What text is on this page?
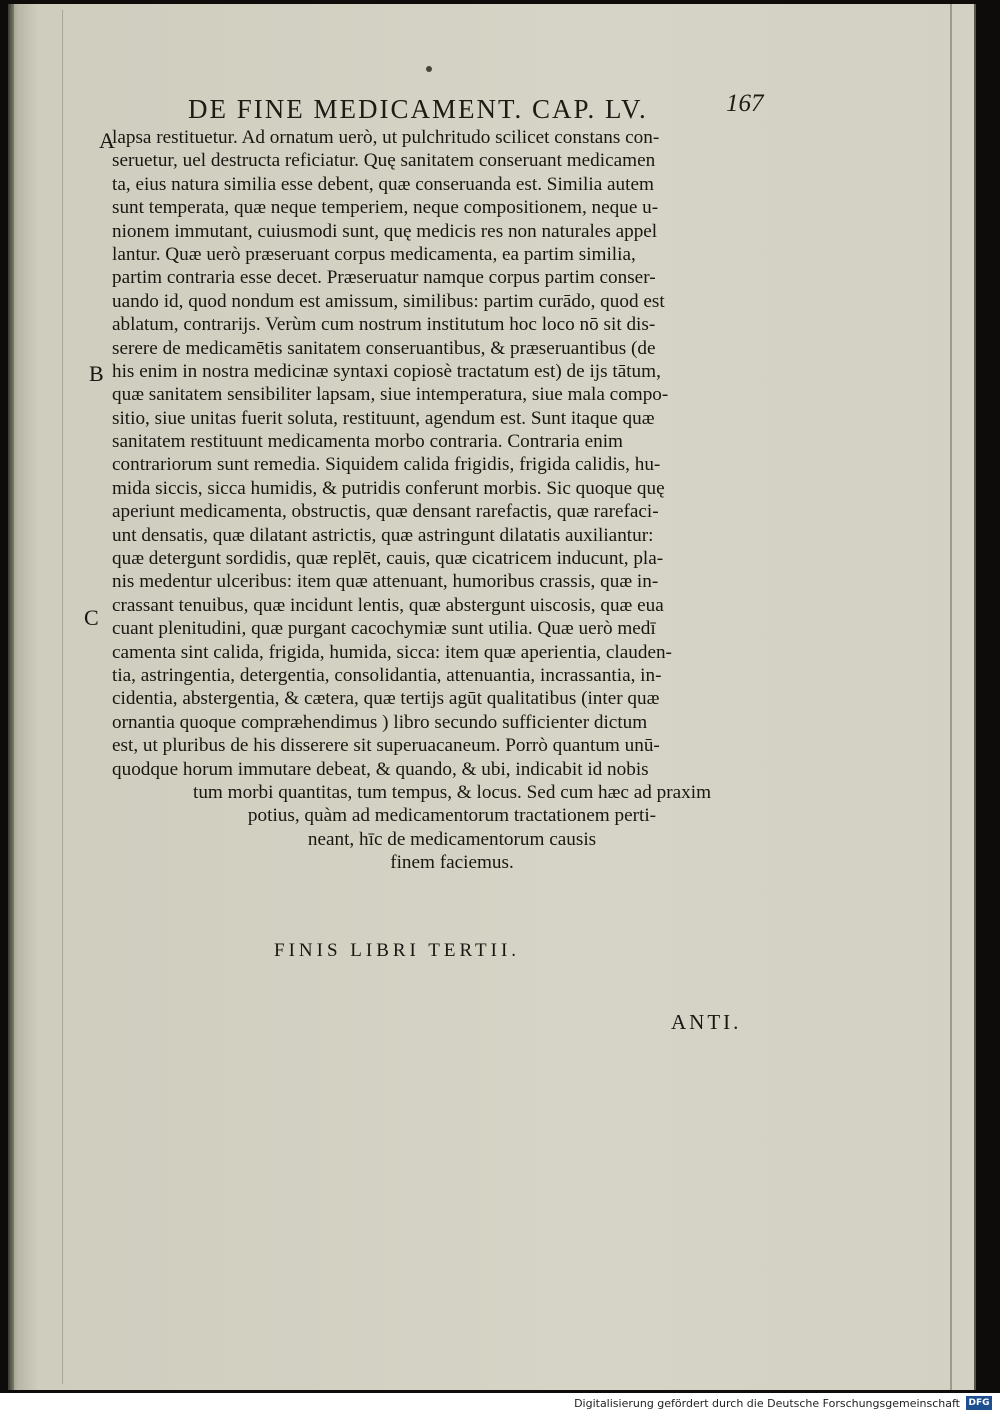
DE FINE MEDICAMENT. CAP. LV.	167
A
B
C
lapsa restituetur. Ad ornatum uerò, ut pulchritudo scilicet constans con-
seruetur, uel destructa reficiatur. Quę sanitatem conseruant medicamen
ta, eius natura similia esse debent, quæ conseruanda est. Similia autem
sunt temperata, quæ neque temperiem, neque compositionem, neque u-
nionem immutant, cuiusmodi sunt, quę medicis res non naturales appel
lantur. Quæ uerò præseruant corpus medicamenta, ea partim similia,
partim contraria esse decet. Præseruatur namque corpus partim conser-
uando id, quod nondum est amissum, similibus: partim curādo, quod est
ablatum, contrarijs. Verùm cum nostrum institutum hoc loco nō sit dis-
serere de medicamētis sanitatem conseruantibus, & præseruantibus (de
his enim in nostra medicinæ syntaxi copiosè tractatum est) de ijs tātum,
quæ sanitatem sensibiliter lapsam, siue intemperatura, siue mala compo-
sitio, siue unitas fuerit soluta, restituunt, agendum est. Sunt itaque quæ
sanitatem restituunt medicamenta morbo contraria. Contraria enim
contrariorum sunt remedia. Siquidem calida frigidis, frigida calidis, hu-
mida siccis, sicca humidis, & putridis conferunt morbis. Sic quoque quę
aperiunt medicamenta, obstructis, quæ densant rarefactis, quæ rarefaci-
unt densatis, quæ dilatant astrictis, quæ astringunt dilatatis auxiliantur:
quæ detergunt sordidis, quæ replēt, cauis, quæ cicatricem inducunt, pla-
nis medentur ulceribus: item quæ attenuant, humoribus crassis, quæ in-
crassant tenuibus, quæ incidunt lentis, quæ abstergunt uiscosis, quæ eua
cuant plenitudini, quæ purgant cacochymiæ sunt utilia. Quæ uerò medī
camenta sint calida, frigida, humida, sicca: item quæ aperientia, clauden-
tia, astringentia, detergentia, consolidantia, attenuantia, incrassantia, in-
cidentia, abstergentia, & cætera, quæ tertijs agūt qualitatibus (inter quæ
ornantia quoque compræhendimus ) libro secundo sufficienter dictum
est, ut pluribus de his disserere sit superuacaneum. Porrò quantum unū-
quodque horum immutare debeat, & quando, & ubi, indicabit id nobis
tum morbi quantitas, tum tempus, & locus. Sed cum hæc ad praxim
potius, quàm ad medicamentorum tractationem perti-
neant, hīc de medicamentorum causis
finem faciemus.
FINIS LIBRI TERTII.
ANTI.
Digitalisierung gefördert durch die Deutsche Forschungsgemeinschaft DFG
